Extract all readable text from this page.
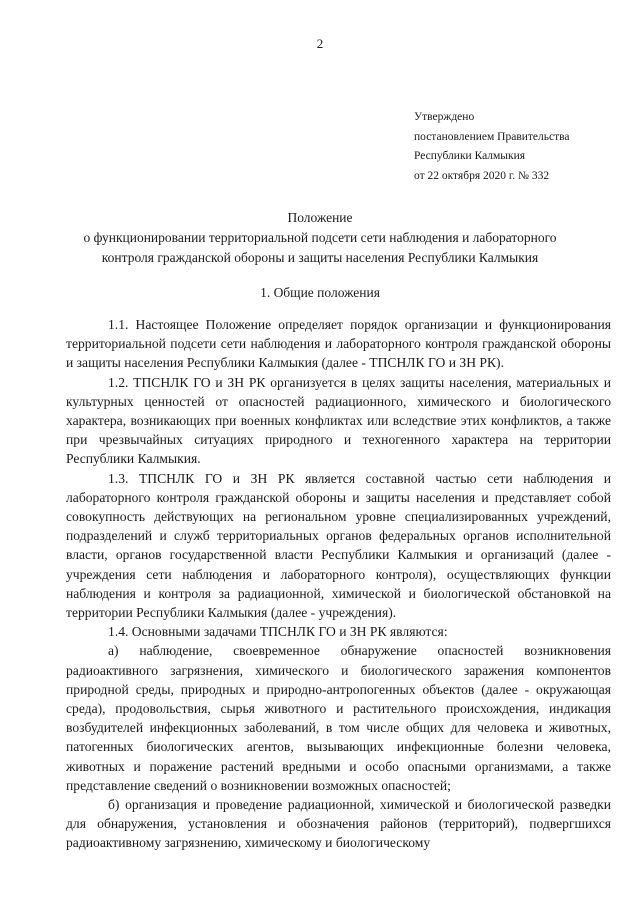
2
Утверждено
постановлением Правительства
Республики Калмыкия
от 22 октября 2020 г. № 332
Положение
о функционировании территориальной подсети сети наблюдения и лабораторного
контроля гражданской обороны и защиты населения Республики Калмыкия
1. Общие положения

1.1. Настоящее Положение определяет порядок организации и функционирования территориальной подсети сети наблюдения и лабораторного контроля гражданской обороны и защиты населения Республики Калмыкия (далее - ТПСНЛК ГО и ЗН РК).

1.2. ТПСНЛК ГО и ЗН РК организуется в целях защиты населения, материальных и культурных ценностей от опасностей радиационного, химического и биологического характера, возникающих при военных конфликтах или вследствие этих конфликтов, а также при чрезвычайных ситуациях природного и техногенного характера на территории Республики Калмыкия.

1.3. ТПСНЛК ГО и ЗН РК является составной частью сети наблюдения и лабораторного контроля гражданской обороны и защиты населения и представляет собой совокупность действующих на региональном уровне специализированных учреждений, подразделений и служб территориальных органов федеральных органов исполнительной власти, органов государственной власти Республики Калмыкия и организаций (далее - учреждения сети наблюдения и лабораторного контроля), осуществляющих функции наблюдения и контроля за радиационной, химической и биологической обстановкой на территории Республики Калмыкия (далее - учреждения).

1.4. Основными задачами ТПСНЛК ГО и ЗН РК являются:

а) наблюдение, своевременное обнаружение опасностей возникновения радиоактивного загрязнения, химического и биологического заражения компонентов природной среды, природных и природно-антропогенных объектов (далее - окружающая среда), продовольствия, сырья животного и растительного происхождения, индикация возбудителей инфекционных заболеваний, в том числе общих для человека и животных, патогенных биологических агентов, вызывающих инфекционные болезни человека, животных и поражение растений вредными и особо опасными организмами, а также представление сведений о возникновении возможных опасностей;

б) организация и проведение радиационной, химической и биологической разведки для обнаружения, установления и обозначения районов (территорий), подвергшихся радиоактивному загрязнению, химическому и биологическому
